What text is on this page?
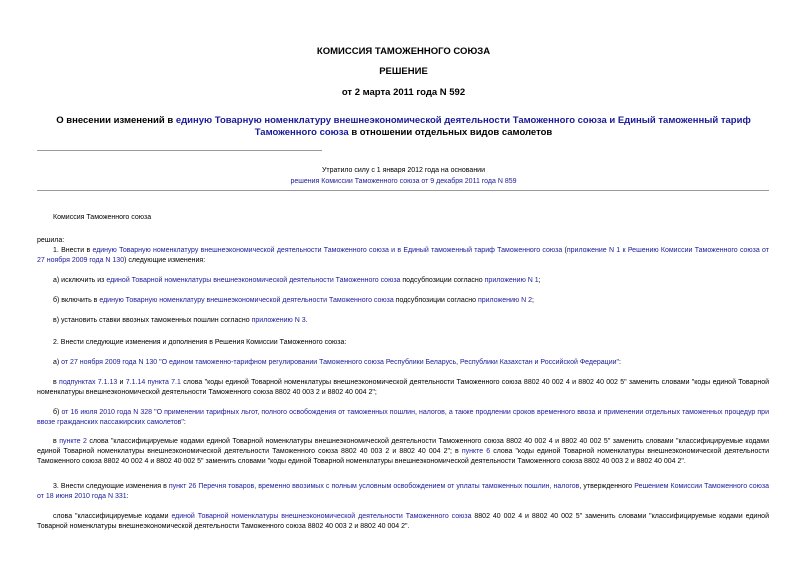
КОМИССИЯ ТАМОЖЕННОГО СОЮЗА
РЕШЕНИЕ
от 2 марта 2011 года N 592
О внесении изменений в единую Товарную номенклатуру внешнеэкономической деятельности Таможенного союза и Единый таможенный тариф Таможенного союза в отношении отдельных видов самолетов
Утратило силу с 1 января 2012 года на основании
решения Комиссии Таможенного союза от 9 декабря 2011 года N 859
Комиссия Таможенного союза
решила:
1. Внести в единую Товарную номенклатуру внешнеэкономической деятельности Таможенного союза и в Единый таможенный тариф Таможенного союза (приложение N 1 к Решению Комиссии Таможенного союза от 27 ноября 2009 года N 130) следующие изменения:
а) исключить из единой Товарной номенклатуры внешнеэкономической деятельности Таможенного союза подсубпозиции согласно приложению N 1;
б) включить в единую Товарную номенклатуру внешнеэкономической деятельности Таможенного союза подсубпозиции согласно приложению N 2;
в) установить ставки ввозных таможенных пошлин согласно приложению N 3.
2. Внести следующие изменения и дополнения в Решения Комиссии Таможенного союза:
а) от 27 ноября 2009 года N 130 "О едином таможенно-тарифном регулировании Таможенного союза Республики Беларусь, Республики Казахстан и Российской Федерации":
в подпунктах 7.1.13 и 7.1.14 пункта 7.1 слова "коды единой Товарной номенклатуры внешнеэкономической деятельности Таможенного союза 8802 40 002 4 и 8802 40 002 5" заменить словами "коды единой Товарной номенклатуры внешнеэкономической деятельности Таможенного союза 8802 40 003 2 и 8802 40 004 2";
б) от 16 июля 2010 года N 328 "О применении тарифных льгот, полного освобождения от таможенных пошлин, налогов, а также продлении сроков временного ввоза и применении отдельных таможенных процедур при ввозе гражданских пассажирских самолетов":
в пункте 2 слова "классифицируемые кодами единой Товарной номенклатуры внешнеэкономической деятельности Таможенного союза 8802 40 002 4 и 8802 40 002 5" заменить словами "классифицируемые кодами единой Товарной номенклатуры внешнеэкономической деятельности Таможенного союза 8802 40 003 2 и 8802 40 004 2"; в пункте 6 слова "коды единой Товарной номенклатуры внешнеэкономической деятельности Таможенного союза 8802 40 002 4 и 8802 40 002 5" заменить словами "коды единой Товарной номенклатуры внешнеэкономической деятельности Таможенного союза 8802 40 003 2 и 8802 40 004 2".
3. Внести следующие изменения в пункт 26 Перечня товаров, временно ввозимых с полным условным освобождением от уплаты таможенных пошлин, налогов, утвержденного Решением Комиссии Таможенного союза от 18 июня 2010 года N 331:
слова "классифицируемые кодами единой Товарной номенклатуры внешнеэкономической деятельности Таможенного союза 8802 40 002 4 и 8802 40 002 5" заменить словами "классифицируемые кодами единой Товарной номенклатуры внешнеэкономической деятельности Таможенного союза 8802 40 003 2 и 8802 40 004 2".
